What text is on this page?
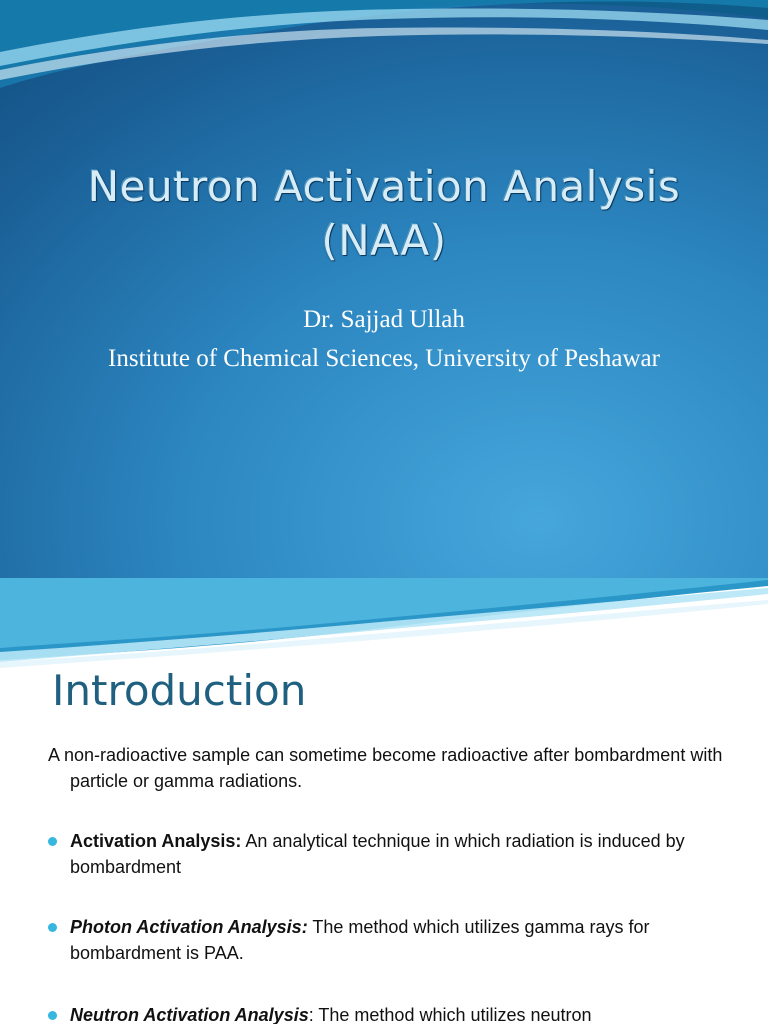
Neutron Activation Analysis
(NAA)
Dr. Sajjad Ullah
Institute of Chemical Sciences, University of Peshawar
Introduction
A non-radioactive sample can sometime become radioactive after bombardment with particle or gamma radiations.
Activation Analysis: An analytical technique in which radiation is induced by bombardment
Photon Activation Analysis: The method which utilizes gamma rays for bombardment is PAA.
Neutron Activation Analysis: The method which utilizes neutron
